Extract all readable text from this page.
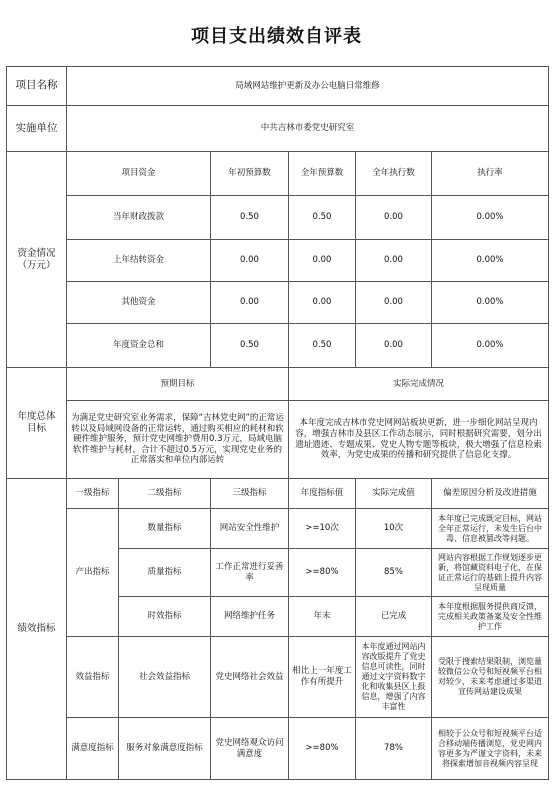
项目支出绩效自评表
项目名称	局域网站维护更新及办公电脑日常维修					
实施单位	中共吉林市委党史研究室					
资金情况
（万元）	项目资金		年初预算数	全年预算数	全年执行数	执行率
	当年财政拨款		0.50	0.50	0.00	0.00%
	上年结转资金		0.00	0.00	0.00	0.00%
	其他资金		0.00	0.00	0.00	0.00%
	年度资金总和		0.50	0.50	0.00	0.00%
年度总体
目标	预期目标			实际完成情况		
	为满足党史研究室业务需求，保障“吉林党史网”的正常运转以及局域网设备的正常运转，通过购买相应的耗材和软硬件维护服务，预计党史网维护费用0.3万元，局域电脑软件维护与耗材，合计不超过0.5万元，实现党史业务的正常落实和单位内部运转			本年度完成吉林市党史网网站板块更新，进一步细化网站呈现内容，增强吉林市及县区工作动态展示，同时根据研究需要，划分出遗址遗迹、专题成果、党史人物专题等板块，极大增强了信息检索效率，为党史成果的传播和研究提供了信息化支撑。		
绩效指标	一级指标	二级指标	三级指标	年度指标值	实际完成值	偏差原因分析及改进措施
	产出指标	数量指标	网站安全性维护	>=10次	10次	本年度已完成既定目标，网站全年正常运行，未发生后台中毒、信息被篡改等问题。
		质量指标	工作正常进行妥善率	>=80%	85%	网站内容根据工作规划逐步更新，将馆藏资料电子化，在保证正常运行的基础上提升内容呈现质量
		时效指标	网络维护任务	年末	已完成	本年度根据服务提供商反馈，完成相关政策备案及安全性维护工作
	效益指标	社会效益指标	党史网络社会效益	相比上一年度工作有所提升	本年度通过网站内容改版提升了党史信息可读性，同时通过文字资料数字化和收集县区上报信息，增强了内容丰富性	受限于搜索结果限制，浏览量较微信公众号和短视频平台相对较少，未来考虑通过多渠道宣传网站建设成果
	满意度指标	服务对象满意度指标	党史网络观众访问满意度	>=80%	78%	相较于公众号和短视频平台适合移动端传播浏览，党史网内容更多为严谨文字资料，未来将探索增加音视频内容呈现
